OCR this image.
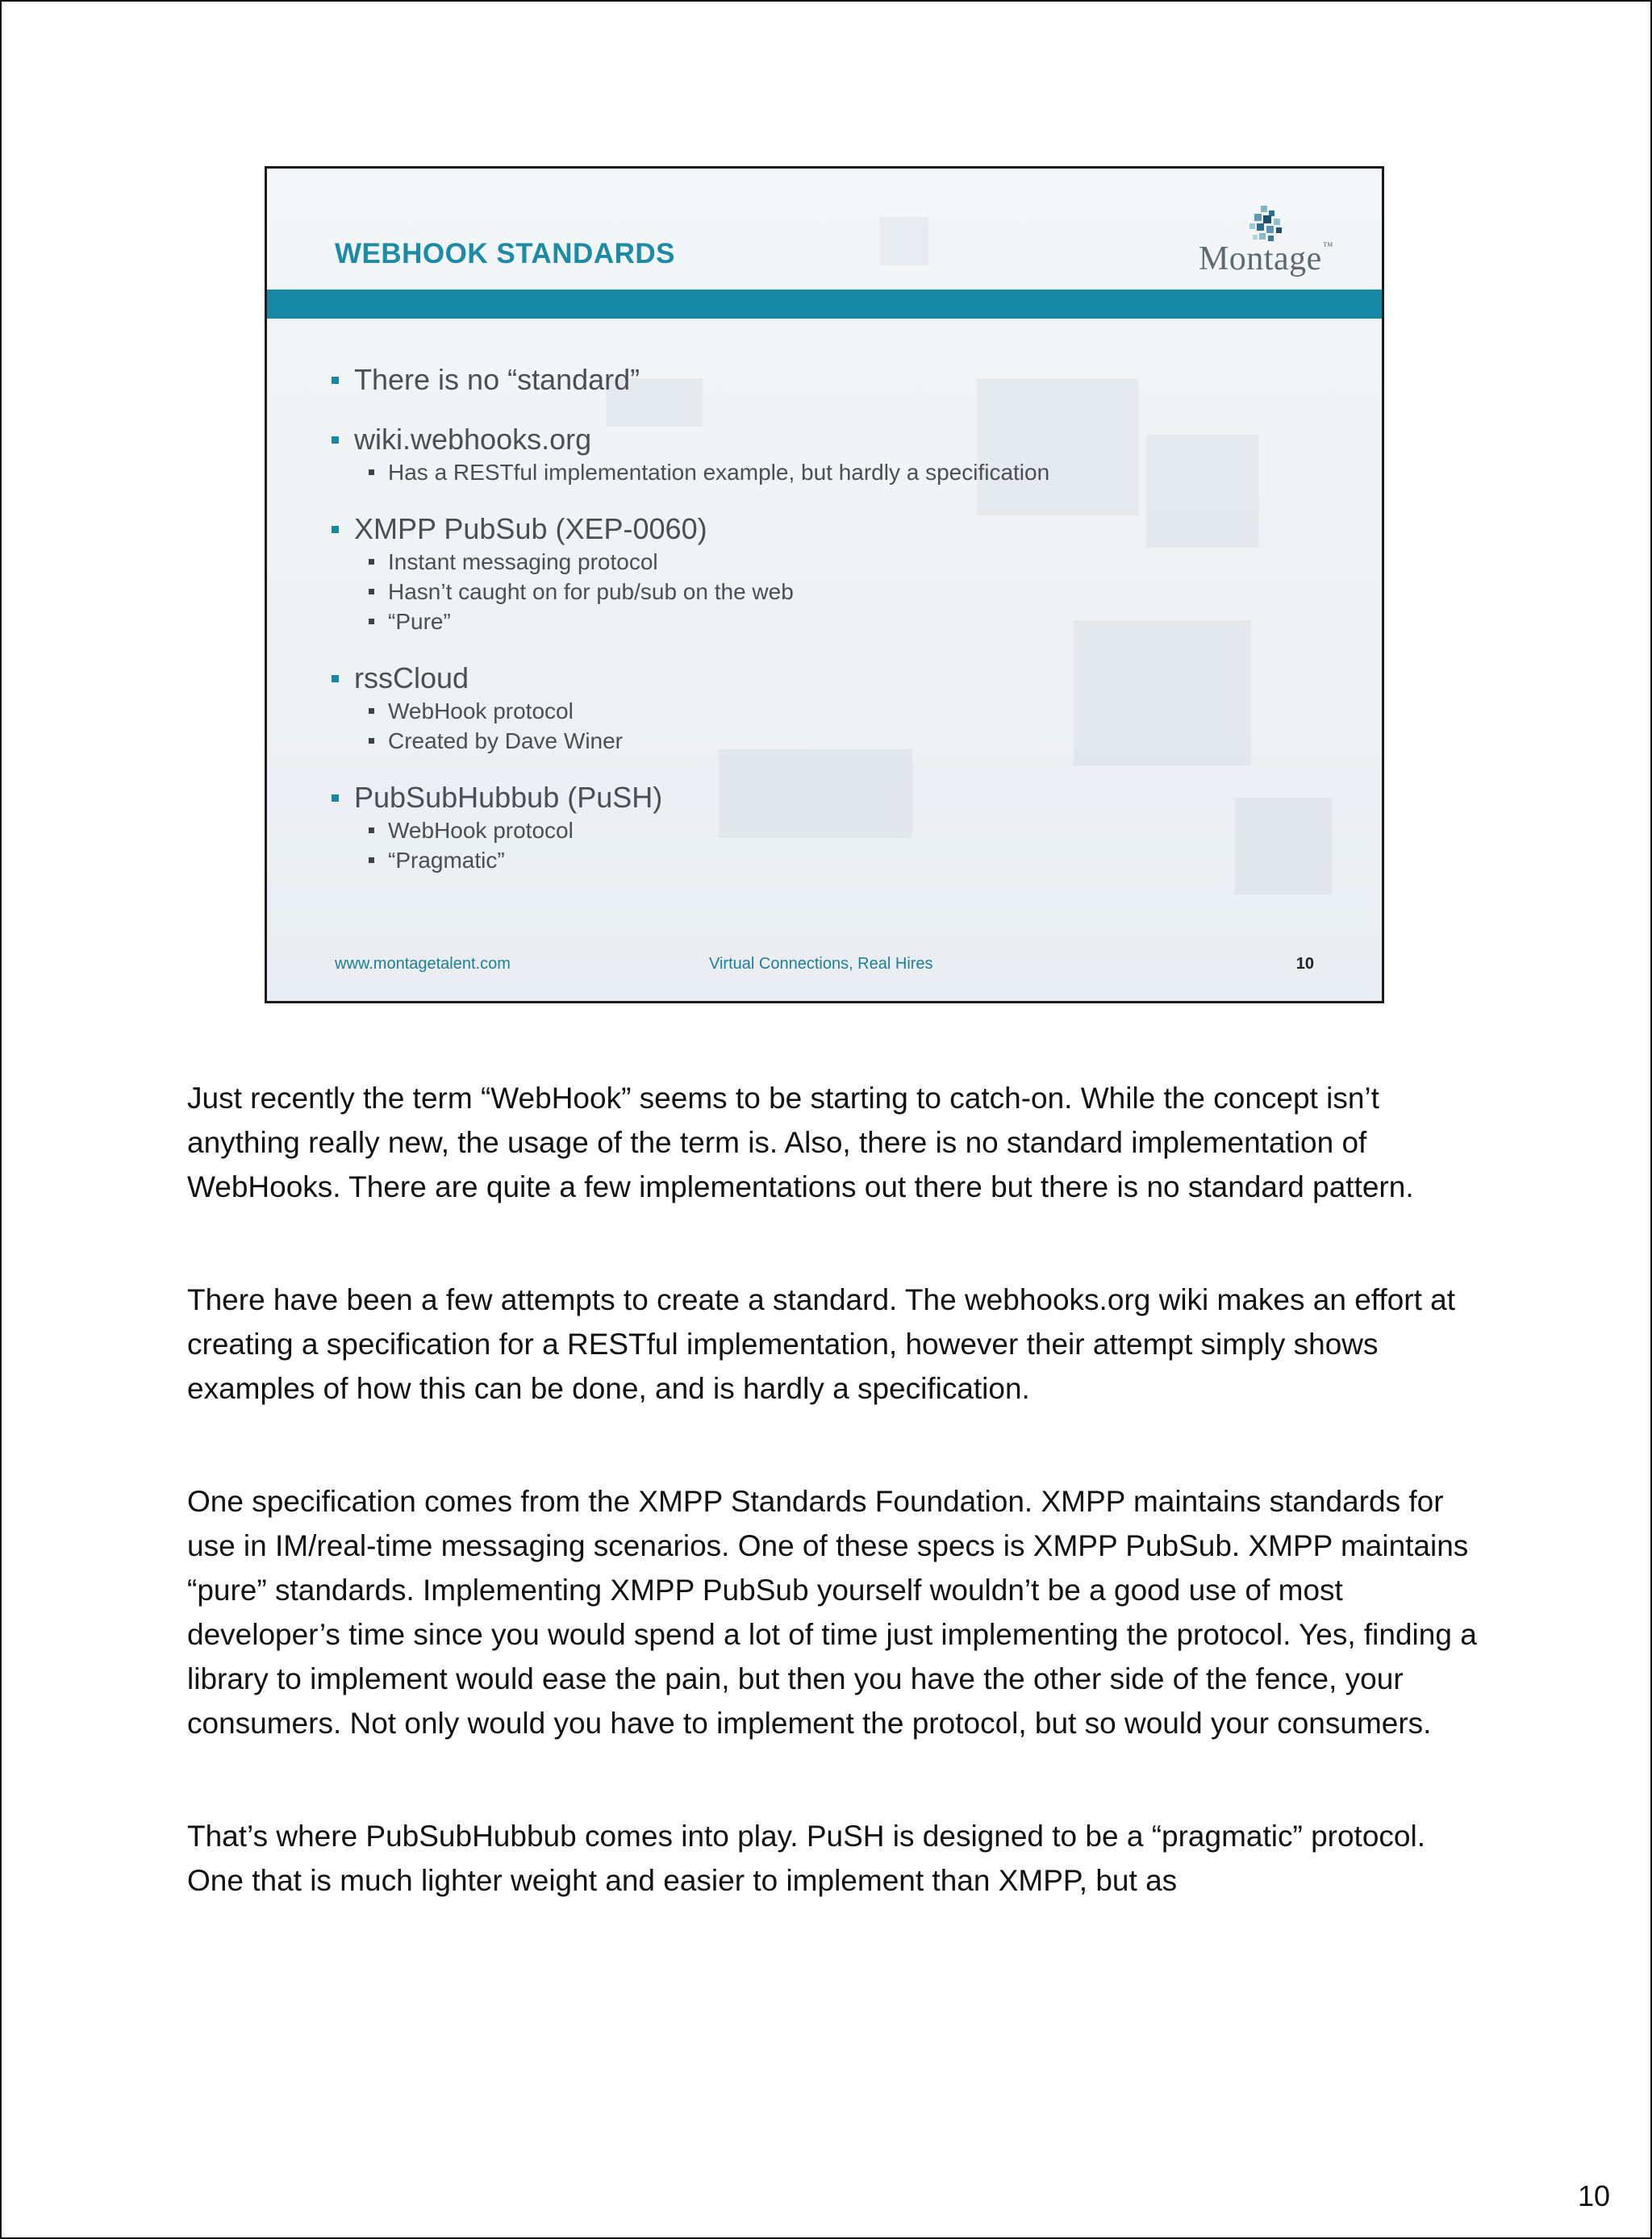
WEBHOOK STANDARDS	Montage™
There is no “standard”
wiki.webhooks.org
Has a RESTful implementation example, but hardly a specification
XMPP PubSub (XEP-0060)
Instant messaging protocol
Hasn’t caught on for pub/sub on the web
“Pure”
rssCloud
WebHook protocol
Created by Dave Winer
PubSubHubbub (PuSH)
WebHook protocol
“Pragmatic”
www.montagetalent.com	Virtual Connections, Real Hires	10

Just recently the term “WebHook” seems to be starting to catch-on. While the concept isn’t anything really new, the usage of the term is. Also, there is no standard implementation of WebHooks. There are quite a few implementations out there but there is no standard pattern.

There have been a few attempts to create a standard. The webhooks.org wiki makes an effort at creating a specification for a RESTful implementation, however their attempt simply shows examples of how this can be done, and is hardly a specification.

One specification comes from the XMPP Standards Foundation. XMPP maintains standards for use in IM/real-time messaging scenarios. One of these specs is XMPP PubSub. XMPP maintains “pure” standards. Implementing XMPP PubSub yourself wouldn’t be a good use of most developer’s time since you would spend a lot of time just implementing the protocol. Yes, finding a library to implement would ease the pain, but then you have the other side of the fence, your consumers. Not only would you have to implement the protocol, but so would your consumers.

That’s where PubSubHubbub comes into play. PuSH is designed to be a “pragmatic” protocol. One that is much lighter weight and easier to implement than XMPP, but as

10
